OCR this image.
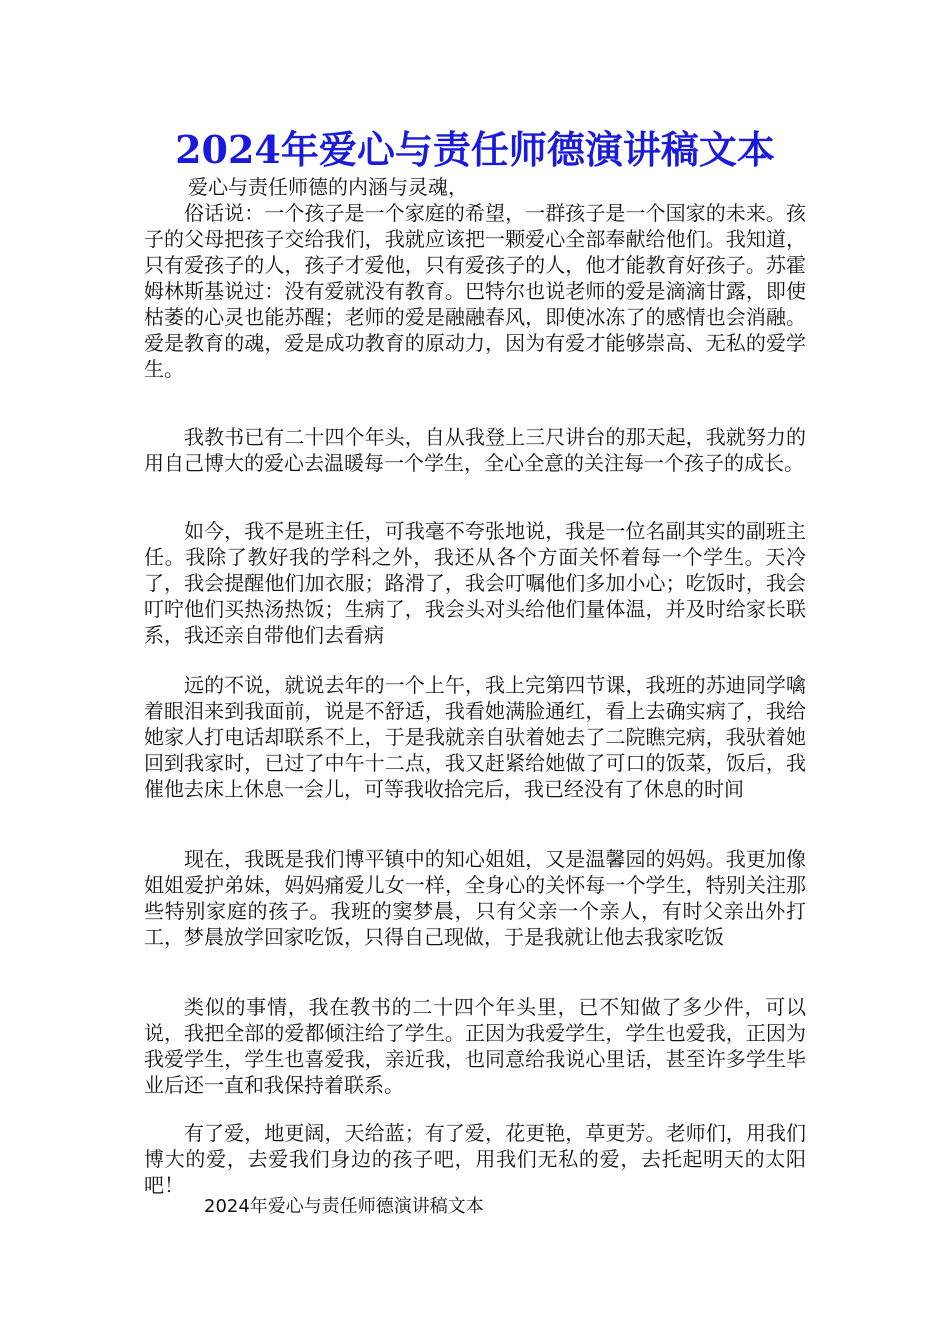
2024年爱心与责任师德演讲稿文本
爱心与责任师德的内涵与灵魂，

俗话说：一个孩子是一个家庭的希望，一群孩子是一个国家的未来。孩子的父母把孩子交给我们，我就应该把一颗爱心全部奉献给他们。我知道，只有爱孩子的人，孩子才爱他，只有爱孩子的人，他才能教育好孩子。苏霍姆林斯基说过：没有爱就没有教育。巴特尔也说老师的爱是滴滴甘露，即使枯萎的心灵也能苏醒；老师的爱是融融春风，即使冰冻了的感情也会消融。爱是教育的魂，爱是成功教育的原动力，因为有爱才能够崇高、无私的爱学生。

我教书已有二十四个年头，自从我登上三尺讲台的那天起，我就努力的用自己博大的爱心去温暖每一个学生，全心全意的关注每一个孩子的成长。

如今，我不是班主任，可我毫不夸张地说，我是一位名副其实的副班主任。我除了教好我的学科之外，我还从各个方面关怀着每一个学生。天冷了，我会提醒他们加衣服；路滑了，我会叮嘱他们多加小心；吃饭时，我会叮咛他们买热汤热饭；生病了，我会头对头给他们量体温，并及时给家长联系，我还亲自带他们去看病

远的不说，就说去年的一个上午，我上完第四节课，我班的苏迪同学噙着眼泪来到我面前，说是不舒适，我看她满脸通红，看上去确实病了，我给她家人打电话却联系不上，于是我就亲自驮着她去了二院瞧完病，我驮着她回到我家时，已过了中午十二点，我又赶紧给她做了可口的饭菜，饭后，我催他去床上休息一会儿，可等我收拾完后，我已经没有了休息的时间

现在，我既是我们博平镇中的知心姐姐，又是温馨园的妈妈。我更加像姐姐爱护弟妹，妈妈痛爱儿女一样，全身心的关怀每一个学生，特别关注那些特别家庭的孩子。我班的窦梦晨，只有父亲一个亲人，有时父亲出外打工，梦晨放学回家吃饭，只得自己现做，于是我就让他去我家吃饭

类似的事情，我在教书的二十四个年头里，已不知做了多少件，可以说，我把全部的爱都倾注给了学生。正因为我爱学生，学生也爱我，正因为我爱学生，学生也喜爱我，亲近我，也同意给我说心里话，甚至许多学生毕业后还一直和我保持着联系。

有了爱，地更阔，天给蓝；有了爱，花更艳，草更芳。老师们，用我们博大的爱，去爱我们身边的孩子吧，用我们无私的爱，去托起明天的太阳吧！

2024年爱心与责任师德演讲稿文本
